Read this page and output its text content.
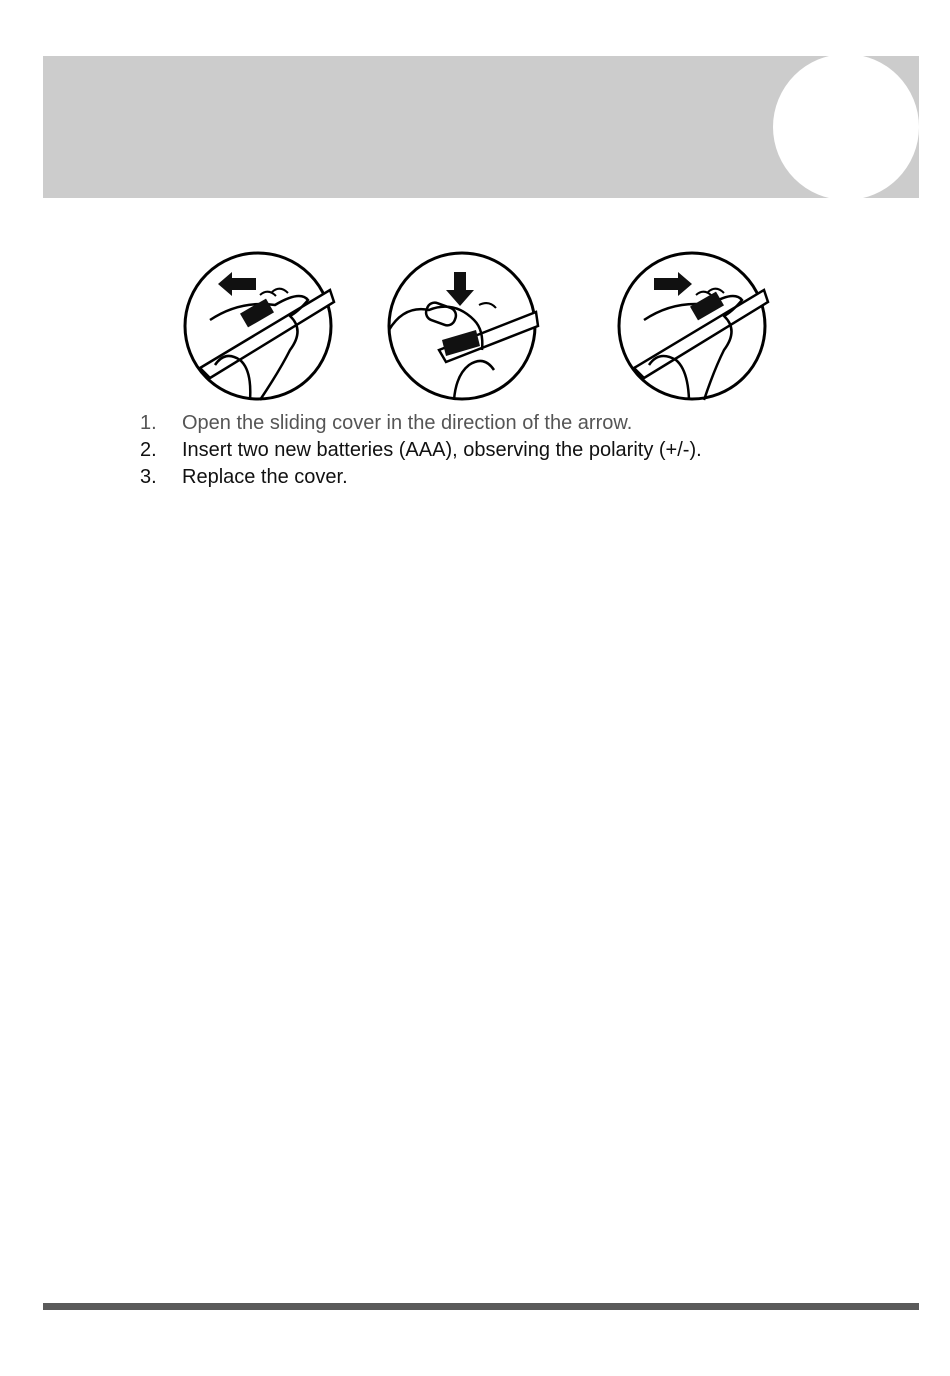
1.	Open the sliding cover in the direction of the arrow.
2.	Insert two new batteries (AAA), observing the polarity (+/-).
3.	Replace the cover.
